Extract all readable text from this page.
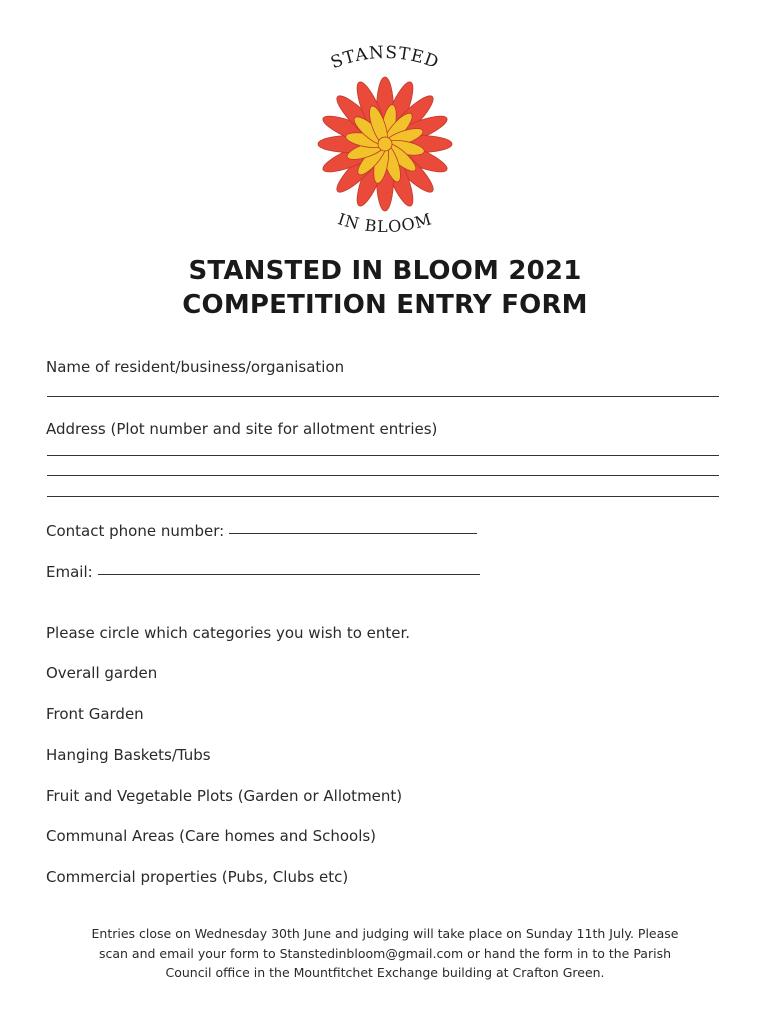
STANSTED
IN BLOOM
STANSTED IN BLOOM 2021
COMPETITION ENTRY FORM
Name of resident/business/organisation
Address (Plot number and site for allotment entries)
Contact phone number:
Email:
Please circle which categories you wish to enter.
Overall garden
Front Garden
Hanging Baskets/Tubs
Fruit and Vegetable Plots (Garden or Allotment)
Communal Areas (Care homes and Schools)
Commercial properties (Pubs, Clubs etc)
Entries close on Wednesday 30th June and judging will take place on Sunday 11th July. Please
scan and email your form to Stanstedinbloom@gmail.com or hand the form in to the Parish
Council office in the Mountfitchet Exchange building at Crafton Green.
